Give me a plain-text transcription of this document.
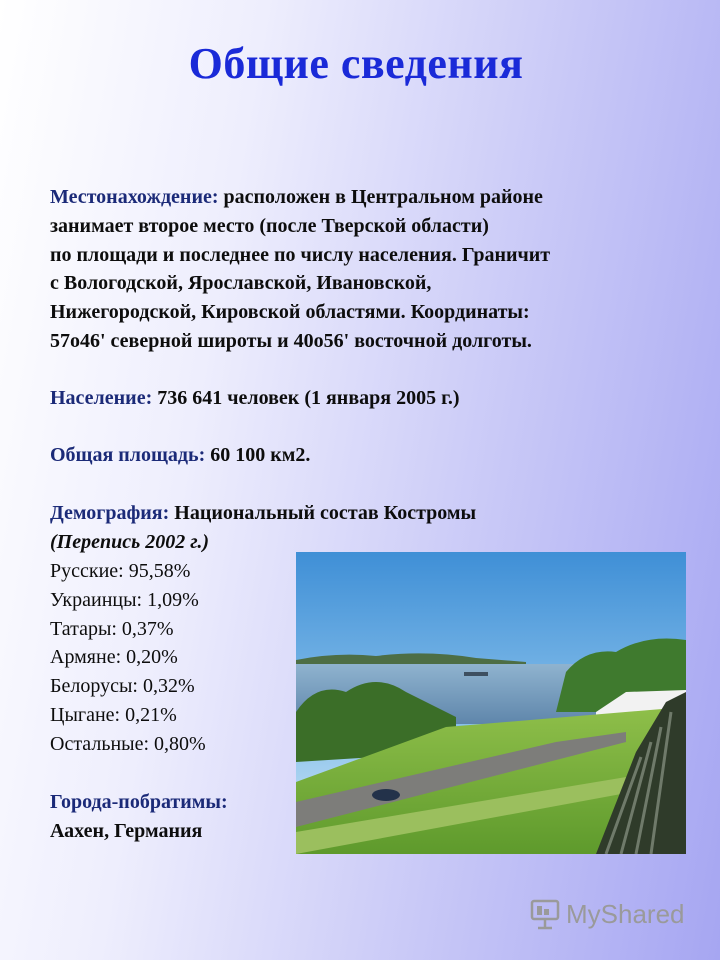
Общие сведения
Местонахождение: расположен в Центральном районе
занимает второе место (после Тверской области)
по площади и последнее по числу населения. Граничит
с Вологодской, Ярославской, Ивановской,
Нижегородской, Кировской областями. Координаты:
57о46' северной широты и 40о56' восточной долготы.
Население: 736 641 человек (1 января 2005 г.)
Общая площадь: 60 100 км2.
Демография: Национальный состав Костромы
(Перепись 2002 г.)
Русские: 95,58%
Украинцы: 1,09%
Татары: 0,37%
Армяне: 0,20%
Белорусы: 0,32%
Цыгане: 0,21%
Остальные: 0,80%
Города-побратимы:
Аахен, Германия
MyShared
